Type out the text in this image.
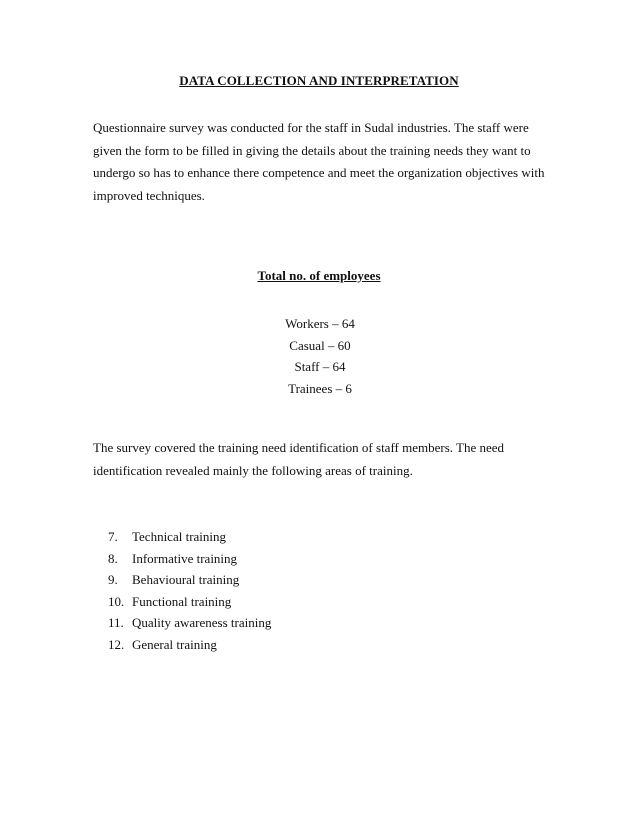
DATA COLLECTION AND INTERPRETATION

Questionnaire survey was conducted for the staff in Sudal industries. The staff were
given the form to be filled in giving the details about the training needs they want to
undergo so has to enhance there competence and meet the organization objectives with
improved techniques.

Total no. of employees
Workers – 64
Casual – 60
Staff – 64
Trainees – 6

The survey covered the training need identification of staff members. The need
identification revealed mainly the following areas of training.

7. Technical training
8. Informative training
9. Behavioural training
10. Functional training
11. Quality awareness training
12. General training
